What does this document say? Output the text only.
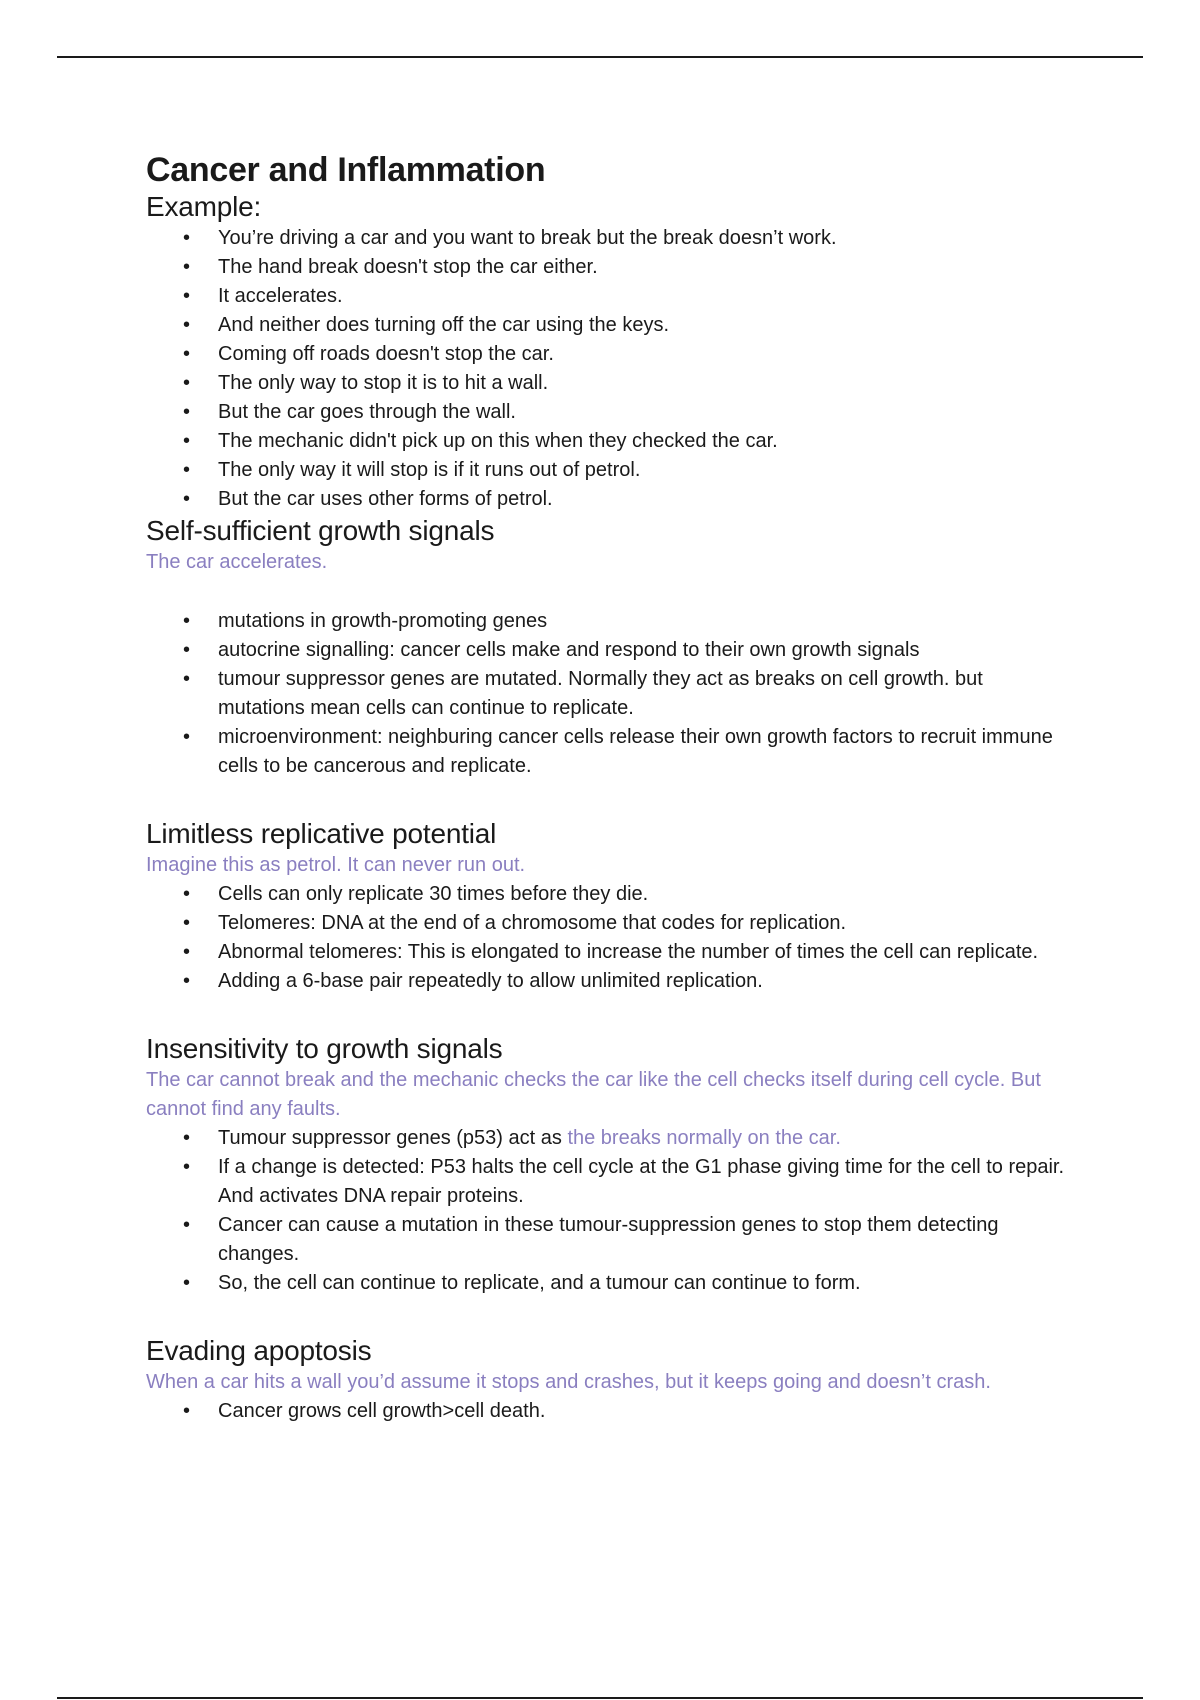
Cancer and Inflammation
Example:
• You’re driving a car and you want to break but the break doesn’t work.
• The hand break doesn't stop the car either.
• It accelerates.
• And neither does turning off the car using the keys.
• Coming off roads doesn't stop the car.
• The only way to stop it is to hit a wall.
• But the car goes through the wall.
• The mechanic didn't pick up on this when they checked the car.
• The only way it will stop is if it runs out of petrol.
• But the car uses other forms of petrol.
Self-sufficient growth signals

The car accelerates.

• mutations in growth-promoting genes
• autocrine signalling: cancer cells make and respond to their own growth signals
• tumour suppressor genes are mutated. Normally they act as breaks on cell growth. but mutations mean cells can continue to replicate.
• microenvironment: neighburing cancer cells release their own growth factors to recruit immune cells to be cancerous and replicate.
Limitless replicative potential

Imagine this as petrol. It can never run out.

• Cells can only replicate 30 times before they die.
• Telomeres: DNA at the end of a chromosome that codes for replication.
• Abnormal telomeres: This is elongated to increase the number of times the cell can replicate.
• Adding a 6-base pair repeatedly to allow unlimited replication.
Insensitivity to growth signals

The car cannot break and the mechanic checks the car like the cell checks itself during cell cycle. But cannot find any faults.

• Tumour suppressor genes (p53) act as the breaks normally on the car.
• If a change is detected: P53 halts the cell cycle at the G1 phase giving time for the cell to repair. And activates DNA repair proteins.
• Cancer can cause a mutation in these tumour-suppression genes to stop them detecting changes.
• So, the cell can continue to replicate, and a tumour can continue to form.
Evading apoptosis

When a car hits a wall you’d assume it stops and crashes, but it keeps going and doesn’t crash.

• Cancer grows cell growth>cell death.
